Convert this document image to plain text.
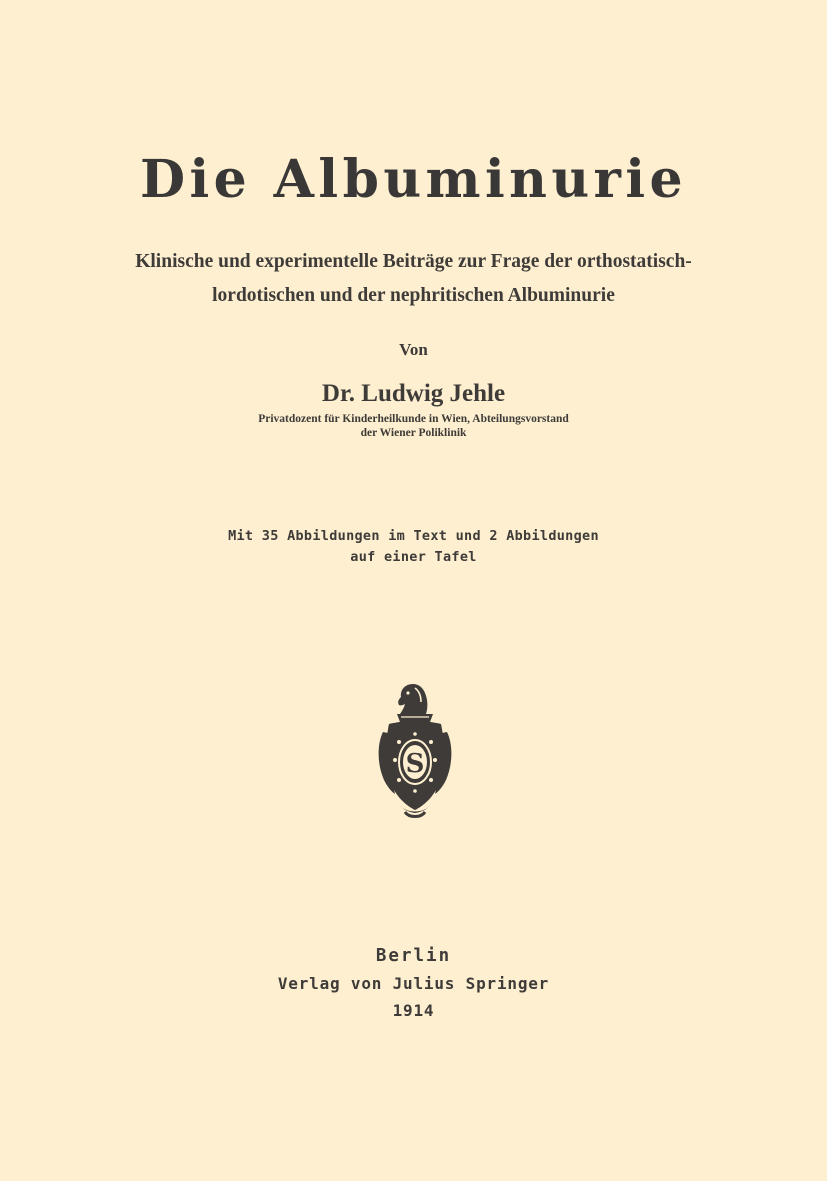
Die Albuminurie
Klinische und experimentelle Beiträge zur Frage der orthostatisch-
lordotischen und der nephritischen Albuminurie
Von
Dr. Ludwig Jehle
Privatdozent für Kinderheilkunde in Wien, Abteilungsvorstand
der Wiener Poliklinik
Mit 35 Abbildungen im Text und 2 Abbildungen
auf einer Tafel
S
Berlin
Verlag von Julius Springer
1914
